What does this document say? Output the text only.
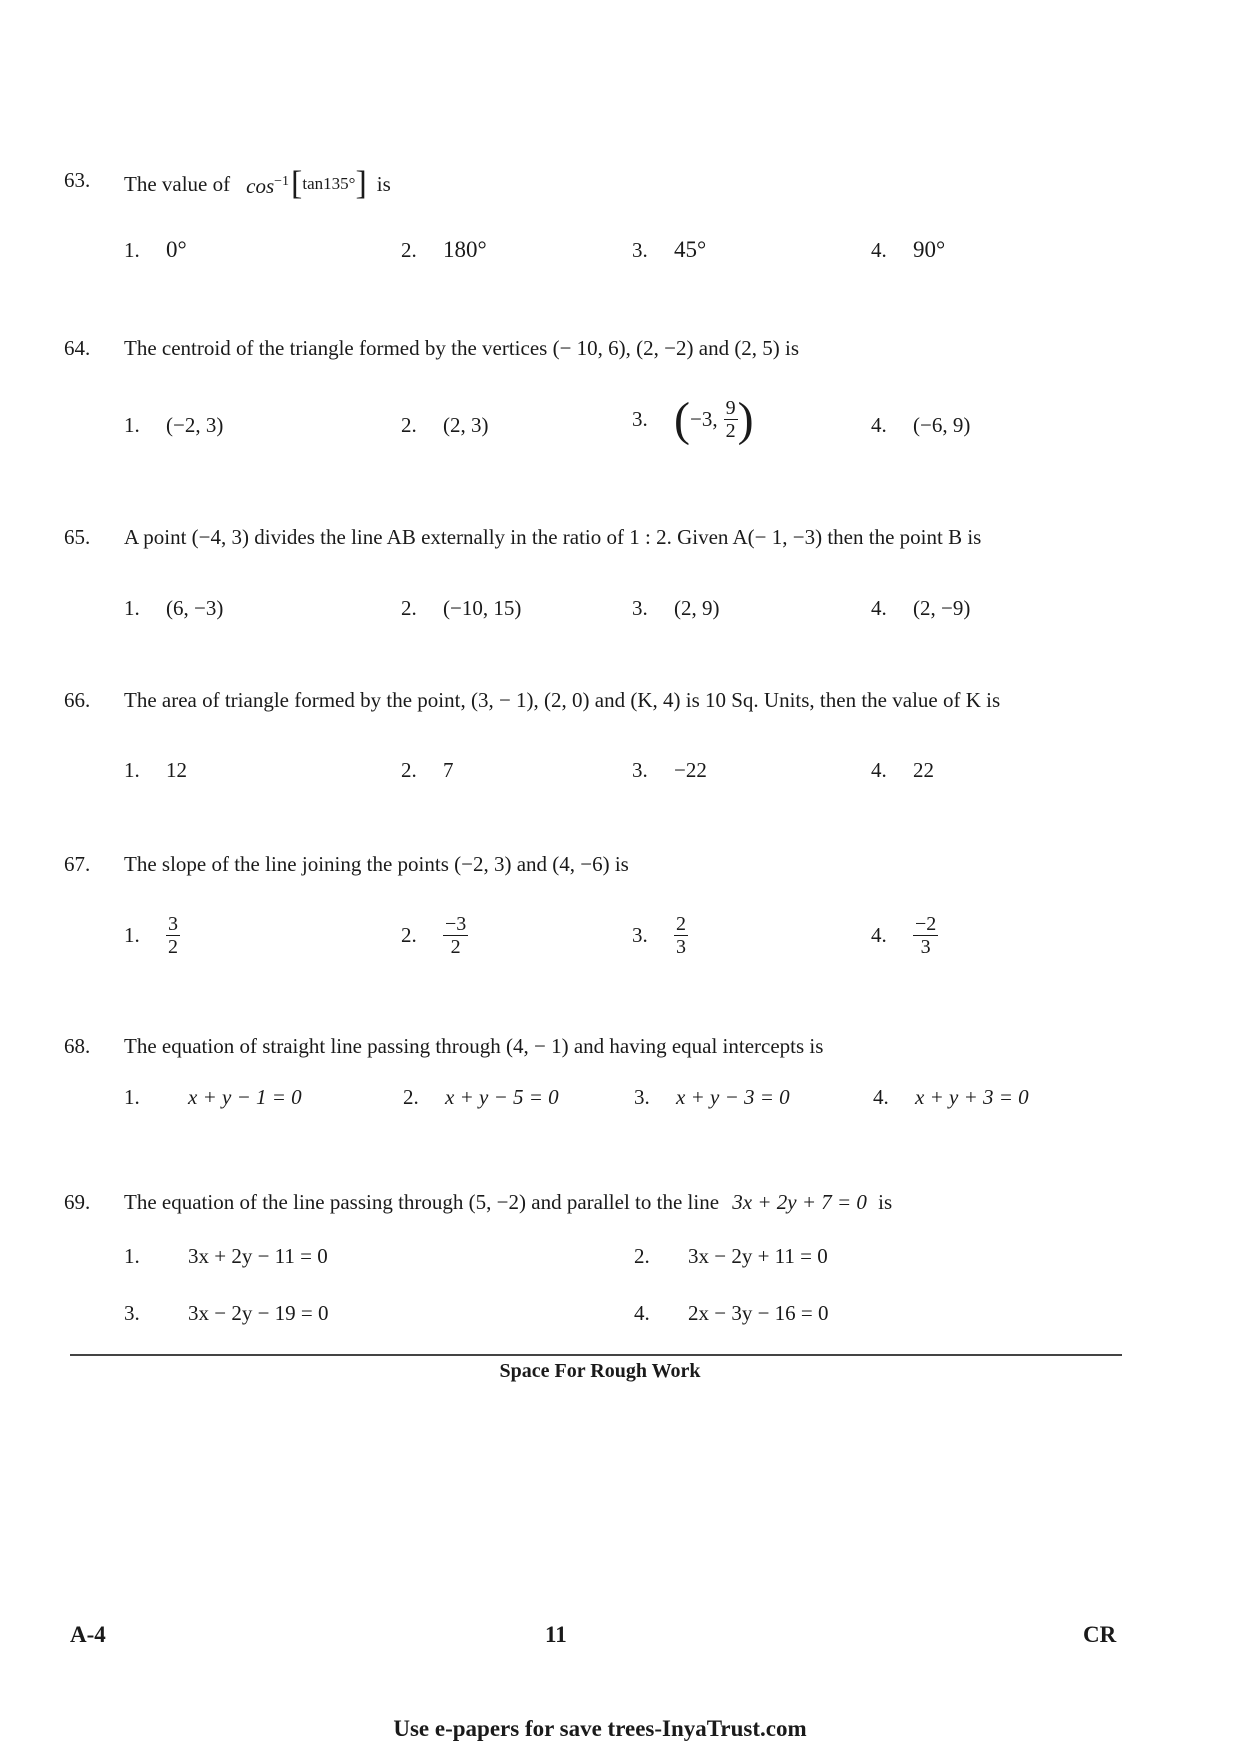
63.	The value of $\cos^{-1}$ [ tan135° ] is
1.	0°	2.	180°	3.	45°	4.	90°
64.	The centroid of the triangle formed by the vertices (− 10, 6), (2, −2) and (2, 5) is
1.	(−2, 3)	2.	(2, 3)	3. ( −3, $\frac{9}{2}$ )	4.	(−6, 9)
65.	A point (−4, 3) divides the line AB externally in the ratio of 1 : 2. Given A(− 1, −3) then the point B is
1.	(6, −3)	2.	(−10, 15)	3.	(2, 9)	4.	(2, −9)
66.	The area of triangle formed by the point, (3, − 1), (2, 0) and (K, 4) is 10 Sq. Units, then the value of K is
1.	12	2.	7	3.	−22	4.	22
67.	The slope of the line joining the points (−2, 3) and (4, −6) is
1.	$\frac{3}{2}$	2.	$\frac{-3}{2}$	3.	$\frac{2}{3}$	4.	$\frac{-2}{3}$
68.	The equation of straight line passing through (4, − 1) and having equal intercepts is
1.	x + y − 1 = 0	2.	x + y − 5 = 0	3.	x + y − 3 = 0	4.	x + y + 3 = 0
69.	The equation of the line passing through (5, −2) and parallel to the line 3x + 2y + 7 = 0 is
1.	3x + 2y − 11 = 0	2.	3x − 2y + 11 = 0
3.	3x − 2y − 19 = 0	4.	2x − 3y − 16 = 0
Space For Rough Work
A-4	11	CR
Use e-papers for save trees-InyaTrust.com
